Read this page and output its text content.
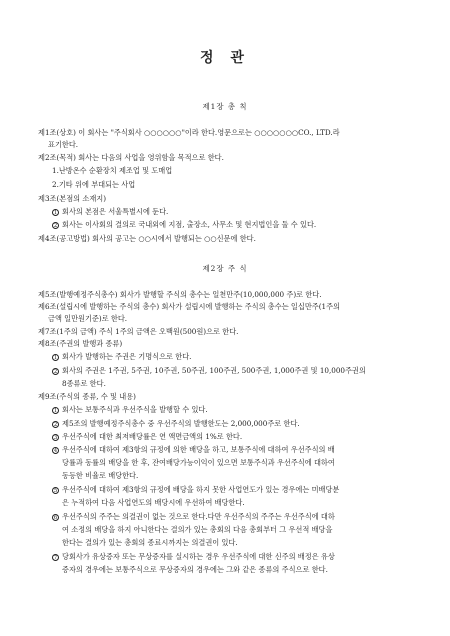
정 관
제1장 총 칙
제1조(상호) 이 회사는 "주식회사 ○○○○○○"이라 한다.영문으로는 ○○○○○○○CO., LTD.라
표기한다.
제2조(목적) 회사는 다음의 사업을 영위함을 목적으로 한다.
1.난방온수 순환장치 제조업 및 도매업
2.기타 위에 부대되는 사업
제3조(본점의 소재지)
1 회사의 본점은 서울특별시에 둔다.
2 회사는 이사회의 결의로 국내외에 지점, 출장소, 사무소 및 현지법인을 둘 수 있다.
제4조(공고방법) 회사의 공고는 ○○시에서 발행되는 ○○신문에 한다.
제2장 주 식
제5조(발행예정주식총수) 회사가 발행할 주식의 총수는 일천만주(10,000,000 주)로 한다.
제6조(설립시에 발행하는 주식의 총수) 회사가 설립시에 발행하는 주식의 총수는 일십만주(1주의
금액 일만원기준)로 한다.
제7조(1주의 금액) 주식 1주의 금액은 오백원(500원)으로 한다.
제8조(주권의 발행과 종류)
1 회사가 발행하는 주권은 기명식으로 한다.
2 회사의 주권은 1주권, 5주권, 10주권, 50주권, 100주권, 500주권, 1,000주권 및 10,000주권의
8종류로 한다.
제9조(주식의 종류, 수 및 내용)
1 회사는 보통주식과 우선주식을 발행할 수 있다.
2 제5조의 발행예정주식총수 중 우선주식의 발행한도는 2,000,000주로 한다.
3 우선주식에 대한 최저배당률은 연 액면금액의 1%로 한다.
4 우선주식에 대하여 제3항의 규정에 의한 배당을 하고, 보통주식에 대하여 우선주식의 배
당률과 동률의 배당을 한 후, 잔여배당가능이익이 있으면 보통주식과 우선주식에 대하여
동등한 비율로 배당한다.
5 우선주식에 대하여 제3항의 규정에 배당을 하지 못한 사업연도가 있는 경우에는 미배당분
은 누적하여 다음 사업연도의 배당시에 우선하여 배당한다.
6 우선주식의 주주는 의결권이 없는 것으로 한다.다만 우선주식의 주주는 우선주식에 대하
여 소정의 배당을 하지 아니한다는 결의가 있는 총회의 다음 총회부터 그 우선적 배당을
한다는 결의가 있는 총회의 종료시까지는 의결권이 있다.
7 당회사가 유상증자 또는 무상증자를 실시하는 경우 우선주식에 대한 신주의 배정은 유상
증자의 경우에는 보통주식으로 무상증자의 경우에는 그와 같은 종류의 주식으로 한다.
